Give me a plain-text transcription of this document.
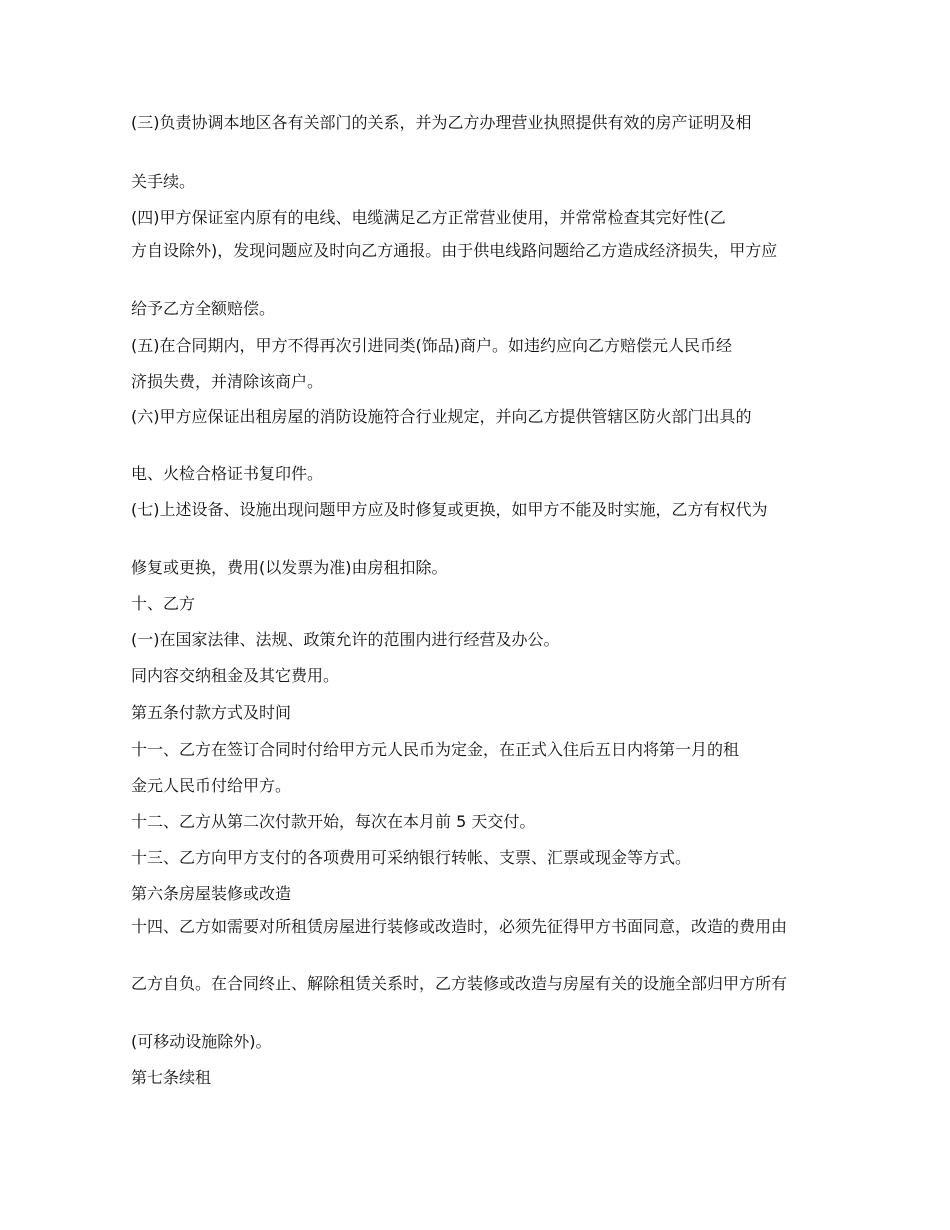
(三)负责协调本地区各有关部门的关系，并为乙方办理营业执照提供有效的房产证明及相
关手续。
(四)甲方保证室内原有的电线、电缆满足乙方正常营业使用，并常常检查其完好性(乙
方自设除外)，发现问题应及时向乙方通报。由于供电线路问题给乙方造成经济损失，甲方应
给予乙方全额赔偿。
(五)在合同期内，甲方不得再次引进同类(饰品)商户。如违约应向乙方赔偿元人民币经
济损失费，并清除该商户。
(六)甲方应保证出租房屋的消防设施符合行业规定，并向乙方提供管辖区防火部门出具的
电、火检合格证书复印件。
(七)上述设备、设施出现问题甲方应及时修复或更换，如甲方不能及时实施，乙方有权代为
修复或更换，费用(以发票为准)由房租扣除。
十、乙方
(一)在国家法律、法规、政策允许的范围内进行经营及办公。
同内容交纳租金及其它费用。
第五条付款方式及时间
十一、乙方在签订合同时付给甲方元人民币为定金，在正式入住后五日内将第一月的租
金元人民币付给甲方。
十二、乙方从第二次付款开始，每次在本月前 5 天交付。
十三、乙方向甲方支付的各项费用可采纳银行转帐、支票、汇票或现金等方式。
第六条房屋装修或改造
十四、乙方如需要对所租赁房屋进行装修或改造时，必须先征得甲方书面同意，改造的费用由
乙方自负。在合同终止、解除租赁关系时，乙方装修或改造与房屋有关的设施全部归甲方所有
(可移动设施除外)。
第七条续租
